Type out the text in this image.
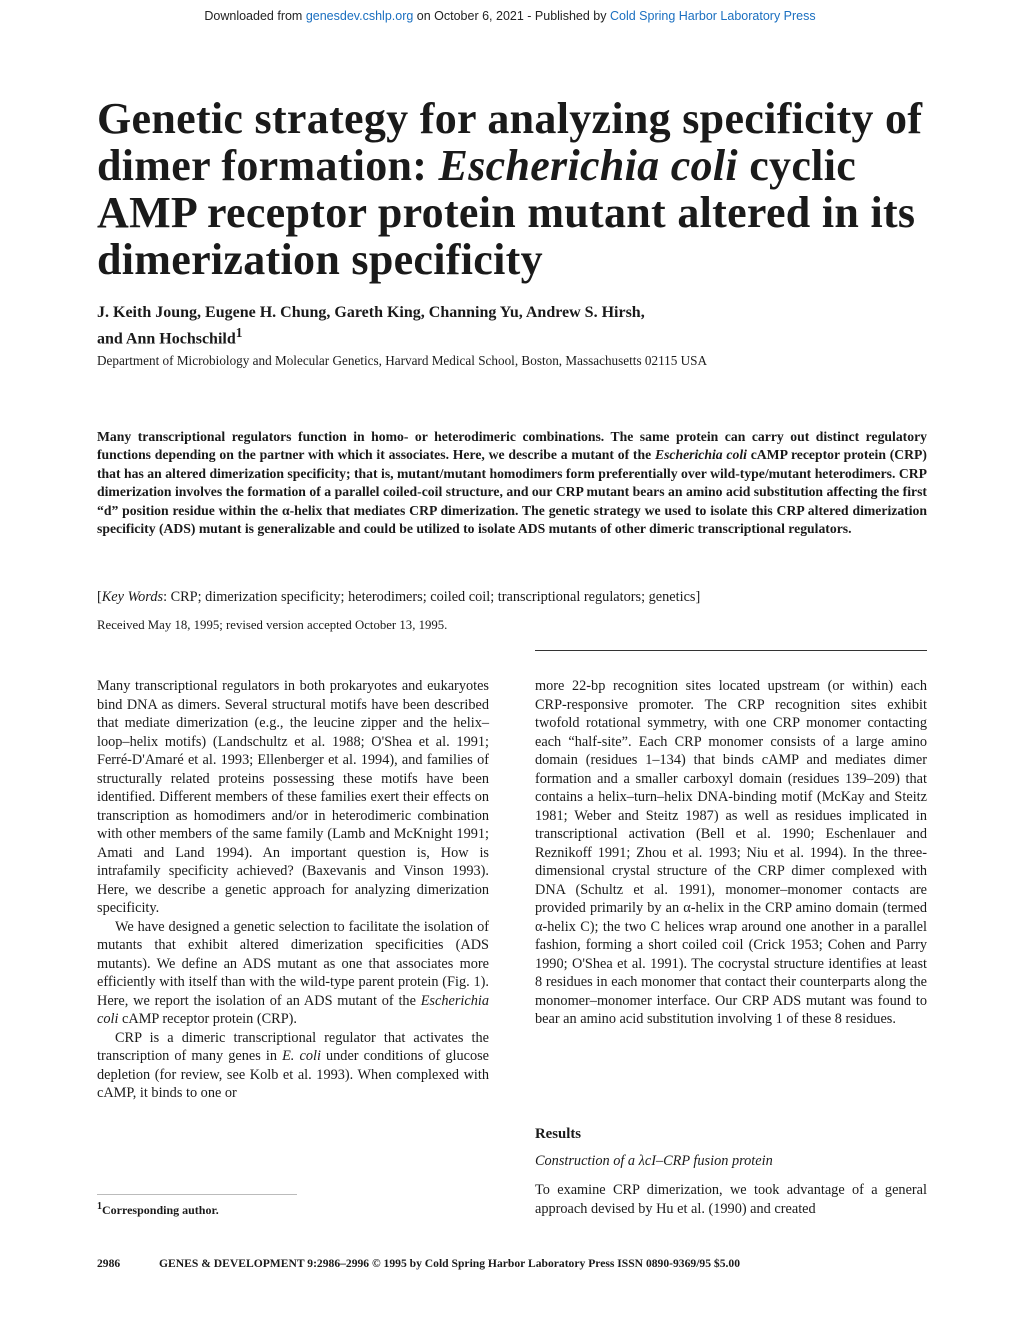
Downloaded from genesdev.cshlp.org on October 6, 2021 - Published by Cold Spring Harbor Laboratory Press
Genetic strategy for analyzing specificity of dimer formation: Escherichia coli cyclic AMP receptor protein mutant altered in its dimerization specificity
J. Keith Joung, Eugene H. Chung, Gareth King, Channing Yu, Andrew S. Hirsh,
and Ann Hochschild$^1$
Department of Microbiology and Molecular Genetics, Harvard Medical School, Boston, Massachusetts 02115 USA
Many transcriptional regulators function in homo- or heterodimeric combinations. The same protein can carry out distinct regulatory functions depending on the partner with which it associates. Here, we describe a mutant of the Escherichia coli cAMP receptor protein (CRP) that has an altered dimerization specificity; that is, mutant/mutant homodimers form preferentially over wild-type/mutant heterodimers. CRP dimerization involves the formation of a parallel coiled-coil structure, and our CRP mutant bears an amino acid substitution affecting the first “d” position residue within the α-helix that mediates CRP dimerization. The genetic strategy we used to isolate this CRP altered dimerization specificity (ADS) mutant is generalizable and could be utilized to isolate ADS mutants of other dimeric transcriptional regulators.
[Key Words: CRP; dimerization specificity; heterodimers; coiled coil; transcriptional regulators; genetics]
Received May 18, 1995; revised version accepted October 13, 1995.

Many transcriptional regulators in both prokaryotes and eukaryotes bind DNA as dimers. Several structural motifs have been described that mediate dimerization (e.g., the leucine zipper and the helix–loop–helix motifs) (Landschultz et al. 1988; O'Shea et al. 1991; Ferré-D'Amaré et al. 1993; Ellenberger et al. 1994), and families of structurally related proteins possessing these motifs have been identified. Different members of these families exert their effects on transcription as homodimers and/or in heterodimeric combination with other members of the same family (Lamb and McKnight 1991; Amati and Land 1994). An important question is, How is intrafamily specificity achieved? (Baxevanis and Vinson 1993). Here, we describe a genetic approach for analyzing dimerization specificity.

We have designed a genetic selection to facilitate the isolation of mutants that exhibit altered dimerization specificities (ADS mutants). We define an ADS mutant as one that associates more efficiently with itself than with the wild-type parent protein (Fig. 1). Here, we report the isolation of an ADS mutant of the Escherichia coli cAMP receptor protein (CRP).

CRP is a dimeric transcriptional regulator that activates the transcription of many genes in E. coli under conditions of glucose depletion (for review, see Kolb et al. 1993). When complexed with cAMP, it binds to one or

$^1$Corresponding author.

more 22-bp recognition sites located upstream (or within) each CRP-responsive promoter. The CRP recognition sites exhibit twofold rotational symmetry, with one CRP monomer contacting each “half-site”. Each CRP monomer consists of a large amino domain (residues 1–134) that binds cAMP and mediates dimer formation and a smaller carboxyl domain (residues 139–209) that contains a helix–turn–helix DNA-binding motif (McKay and Steitz 1981; Weber and Steitz 1987) as well as residues implicated in transcriptional activation (Bell et al. 1990; Eschenlauer and Reznikoff 1991; Zhou et al. 1993; Niu et al. 1994). In the three-dimensional crystal structure of the CRP dimer complexed with DNA (Schultz et al. 1991), monomer–monomer contacts are provided primarily by an α-helix in the CRP amino domain (termed α-helix C); the two C helices wrap around one another in a parallel fashion, forming a short coiled coil (Crick 1953; Cohen and Parry 1990; O'Shea et al. 1991). The cocrystal structure identifies at least 8 residues in each monomer that contact their counterparts along the monomer–monomer interface. Our CRP ADS mutant was found to bear an amino acid substitution involving 1 of these 8 residues.

Results
Construction of a λcI–CRP fusion protein
To examine CRP dimerization, we took advantage of a general approach devised by Hu et al. (1990) and created
2986	GENES & DEVELOPMENT 9:2986–2996 © 1995 by Cold Spring Harbor Laboratory Press ISSN 0890-9369/95 $5.00
